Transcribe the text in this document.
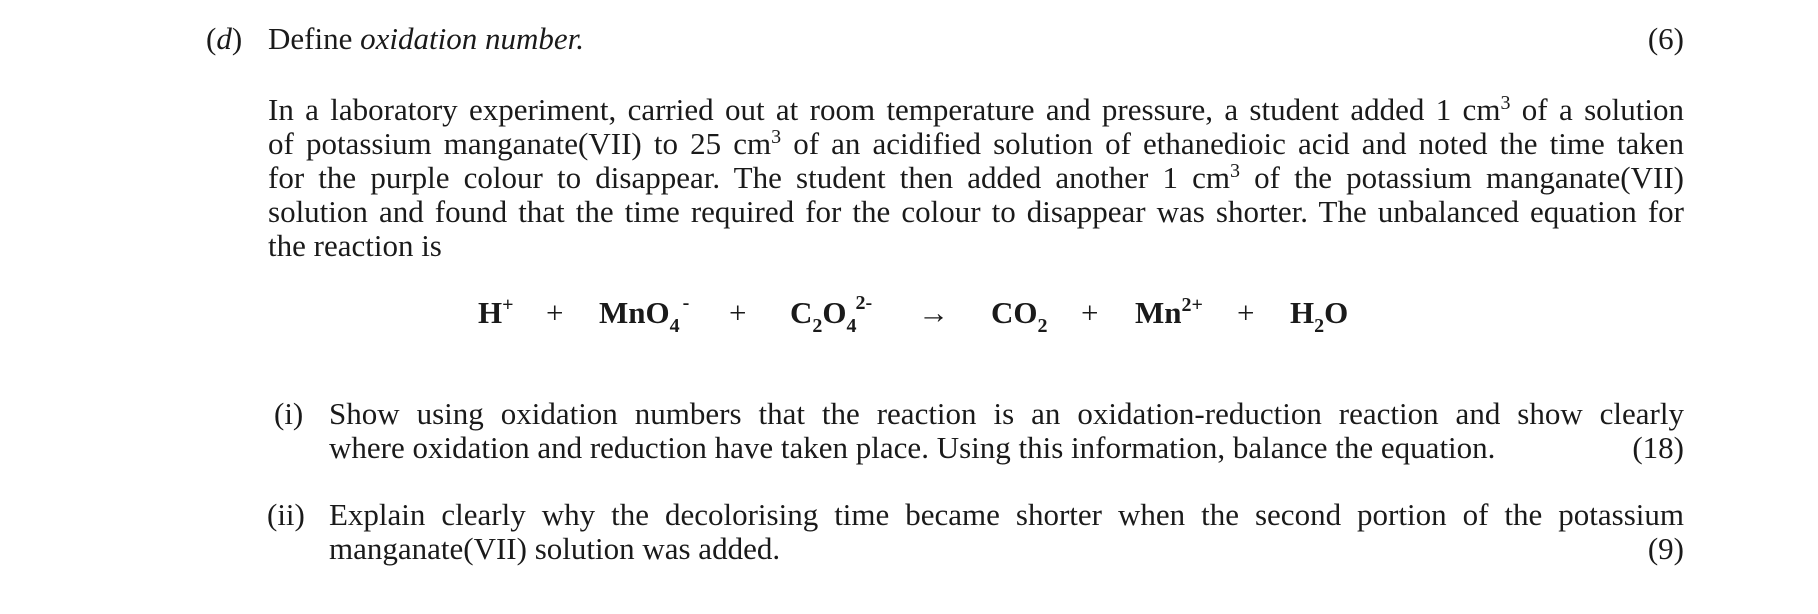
(d) Define oxidation number.	(6)
In a laboratory experiment, carried out at room temperature and pressure, a student added 1 $cm^3$ of a solution
of potassium manganate(VII) to 25 $cm^3$ of an acidified solution of ethanedioic acid and noted the time taken
for the purple colour to disappear. The student then added another 1 $cm^3$ of the potassium manganate(VII)
solution and found that the time required for the colour to disappear was shorter. The unbalanced equation for
the reaction is
H+ + MnO$_4$
- + $C_2O_4$
$2- \to CO_2 + Mn^{2+} + H_2O$
(i) Show using oxidation numbers that the reaction is an oxidation-reduction reaction and show clearly
where oxidation and reduction have taken place. Using this information, balance the equation.	(18)
(ii) Explain clearly why the decolorising time became shorter when the second portion of the potassium
manganate(VII) solution was added.	(9)
